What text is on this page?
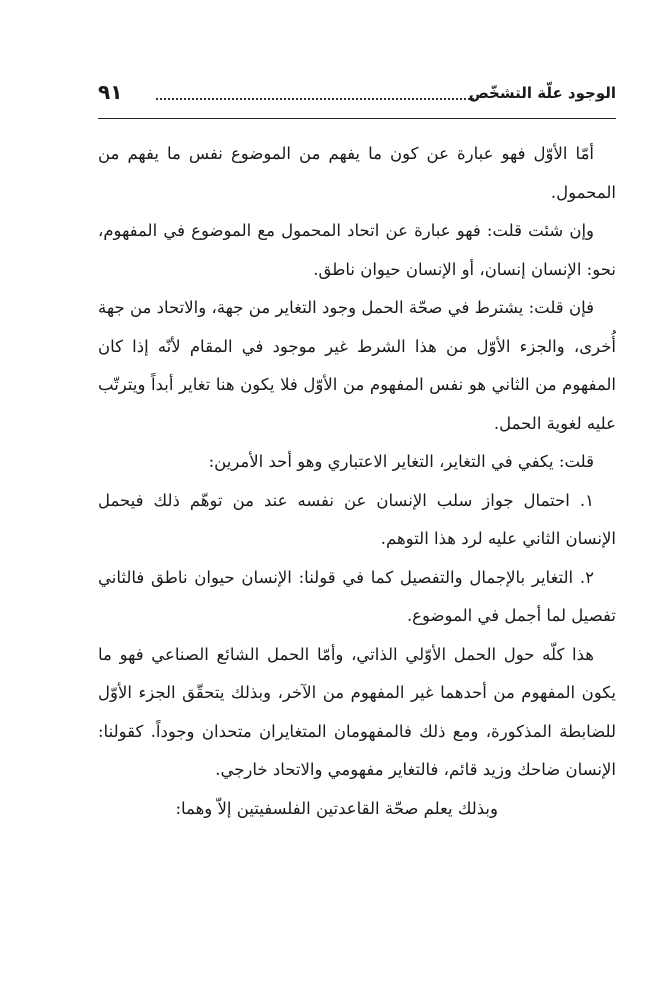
الوجود علّة التشخّص
٩١

أمّا الأوّل فهو عبارة عن كون ما يفهم من الموضوع نفس ما يفهم من المحمول.

وإن شئت قلت: فهو عبارة عن اتحاد المحمول مع الموضوع في المفهوم، نحو: الإنسان إنسان، أو الإنسان حيوان ناطق.

فإن قلت: يشترط في صحّة الحمل وجود التغاير من جهة، والاتحاد من جهة أُخرى، والجزء الأوّل من هذا الشرط غير موجود في المقام لأنّه إذا كان المفهوم من الثاني هو نفس المفهوم من الأوّل فلا يكون هنا تغاير أبداً ويترتّب عليه لغوية الحمل.

قلت: يكفي في التغاير، التغاير الاعتباري وهو أحد الأمرين:

١. احتمال جواز سلب الإنسان عن نفسه عند من توهّم ذلك فيحمل الإنسان الثاني عليه لرد هذا التوهم.

٢. التغاير بالإجمال والتفصيل كما في قولنا: الإنسان حيوان ناطق فالثاني تفصيل لما أجمل في الموضوع.

هذا كلّه حول الحمل الأوّلي الذاتي، وأمّا الحمل الشائع الصناعي فهو ما يكون المفهوم من أحدهما غير المفهوم من الآخر، وبذلك يتحقّق الجزء الأوّل للضابطة المذكورة، ومع ذلك فالمفهومان المتغايران متحدان وجوداً. كقولنا: الإنسان ضاحك وزيد قائم، فالتغاير مفهومي والاتحاد خارجي.

وبذلك يعلم صحّة القاعدتين الفلسفيتين إلاّ وهما:
